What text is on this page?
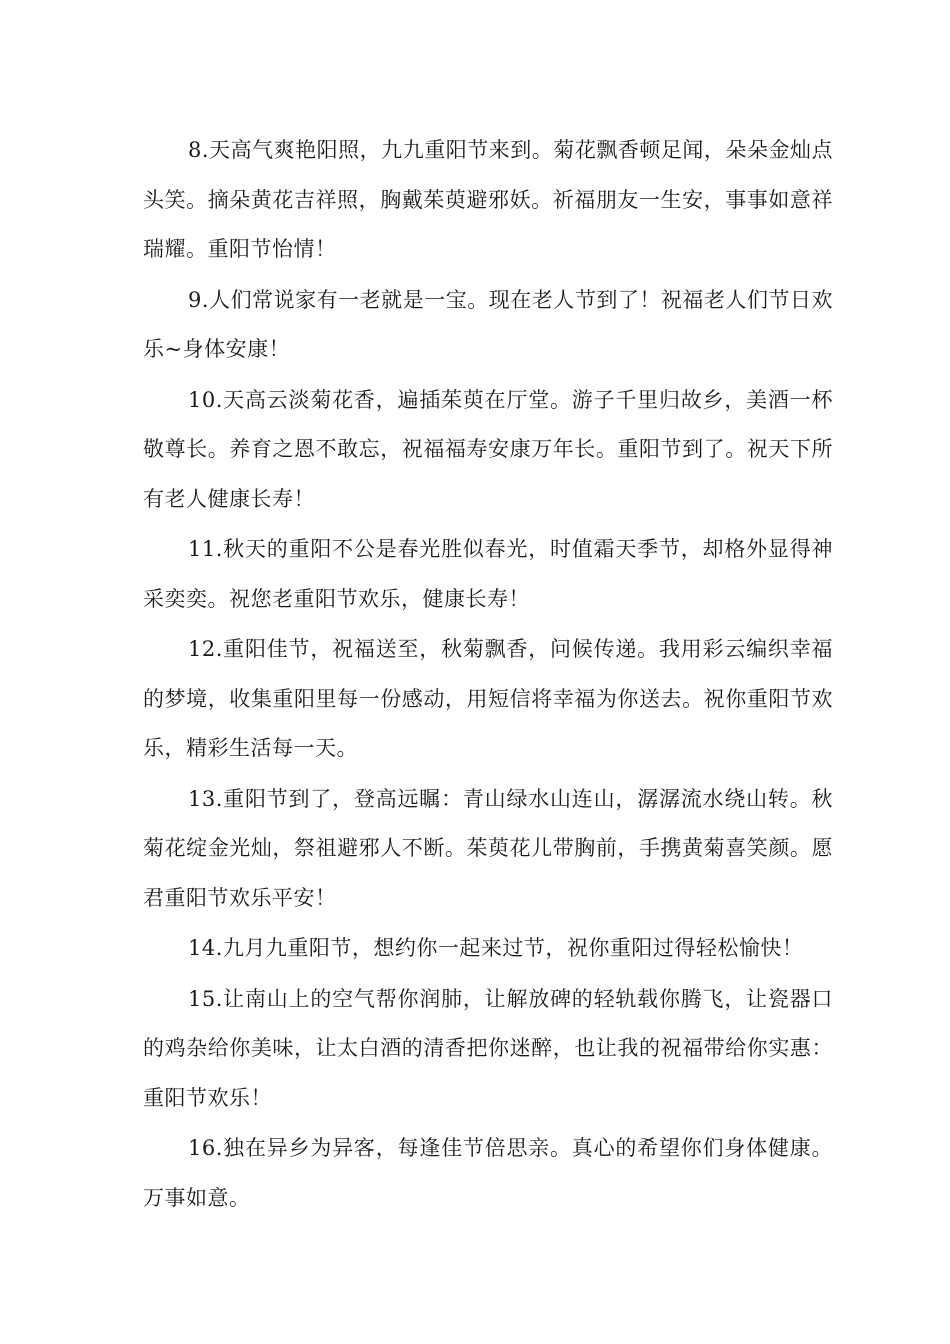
8.天高气爽艳阳照，九九重阳节来到。菊花飘香顿足闻，朵朵金灿点头笑。摘朵黄花吉祥照，胸戴茱萸避邪妖。祈福朋友一生安，事事如意祥瑞耀。重阳节怡情！

9.人们常说家有一老就是一宝。现在老人节到了！祝福老人们节日欢乐~身体安康！

10.天高云淡菊花香，遍插茱萸在厅堂。游子千里归故乡，美酒一杯敬尊长。养育之恩不敢忘，祝福福寿安康万年长。重阳节到了。祝天下所有老人健康长寿！

11.秋天的重阳不公是春光胜似春光，时值霜天季节，却格外显得神采奕奕。祝您老重阳节欢乐，健康长寿！

12.重阳佳节，祝福送至，秋菊飘香，问候传递。我用彩云编织幸福的梦境，收集重阳里每一份感动，用短信将幸福为你送去。祝你重阳节欢乐，精彩生活每一天。

13.重阳节到了，登高远瞩：青山绿水山连山，潺潺流水绕山转。秋菊花绽金光灿，祭祖避邪人不断。茱萸花儿带胸前，手携黄菊喜笑颜。愿君重阳节欢乐平安！

14.九月九重阳节，想约你一起来过节，祝你重阳过得轻松愉快！

15.让南山上的空气帮你润肺，让解放碑的轻轨载你腾飞，让瓷器口的鸡杂给你美味，让太白酒的清香把你迷醉，也让我的祝福带给你实惠：重阳节欢乐！

16.独在异乡为异客，每逢佳节倍思亲。真心的希望你们身体健康。万事如意。
